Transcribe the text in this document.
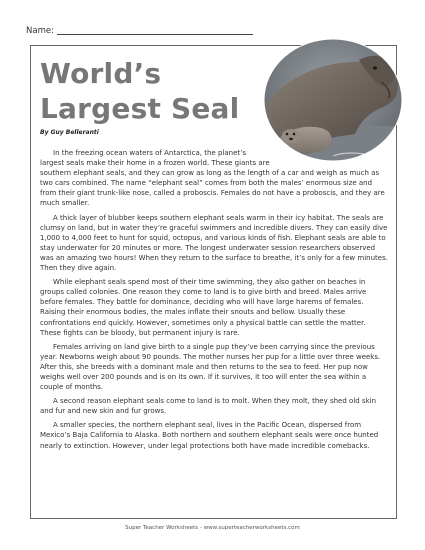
Name:
World’s
Largest Seal
By Guy Belleranti

In the freezing ocean waters of Antarctica, the planet’s largest seals make their home in a frozen world. These giants are southern elephant seals, and they can grow as long as the length of a car and weigh as much as two cars combined. The name “elephant seal” comes from both the males’ enormous size and from their giant trunk-like nose, called a proboscis. Females do not have a proboscis, and they are much smaller.

A thick layer of blubber keeps southern elephant seals warm in their icy habitat. The seals are clumsy on land, but in water they’re graceful swimmers and incredible divers. They can easily dive 1,000 to 4,000 feet to hunt for squid, octopus, and various kinds of fish. Elephant seals are able to stay underwater for 20 minutes or more. The longest underwater session researchers observed was an amazing two hours! When they return to the surface to breathe, it’s only for a few minutes. Then they dive again.

While elephant seals spend most of their time swimming, they also gather on beaches in groups called colonies. One reason they come to land is to give birth and breed. Males arrive before females. They battle for dominance, deciding who will have large harems of females. Raising their enormous bodies, the males inflate their snouts and bellow. Usually these confrontations end quickly. However, sometimes only a physical battle can settle the matter. These fights can be bloody, but permanent injury is rare.

Females arriving on land give birth to a single pup they’ve been carrying since the previous year. Newborns weigh about 90 pounds. The mother nurses her pup for a little over three weeks. After this, she breeds with a dominant male and then returns to the sea to feed. Her pup now weighs well over 200 pounds and is on its own. If it survives, it too will enter the sea within a couple of months.

A second reason elephant seals come to land is to molt. When they molt, they shed old skin and fur and new skin and fur grows.

A smaller species, the northern elephant seal, lives in the Pacific Ocean, dispersed from Mexico’s Baja California to Alaska. Both northern and southern elephant seals were once hunted nearly to extinction. However, under legal protections both have made incredible comebacks.

Super Teacher Worksheets - www.superteacherworksheets.com
